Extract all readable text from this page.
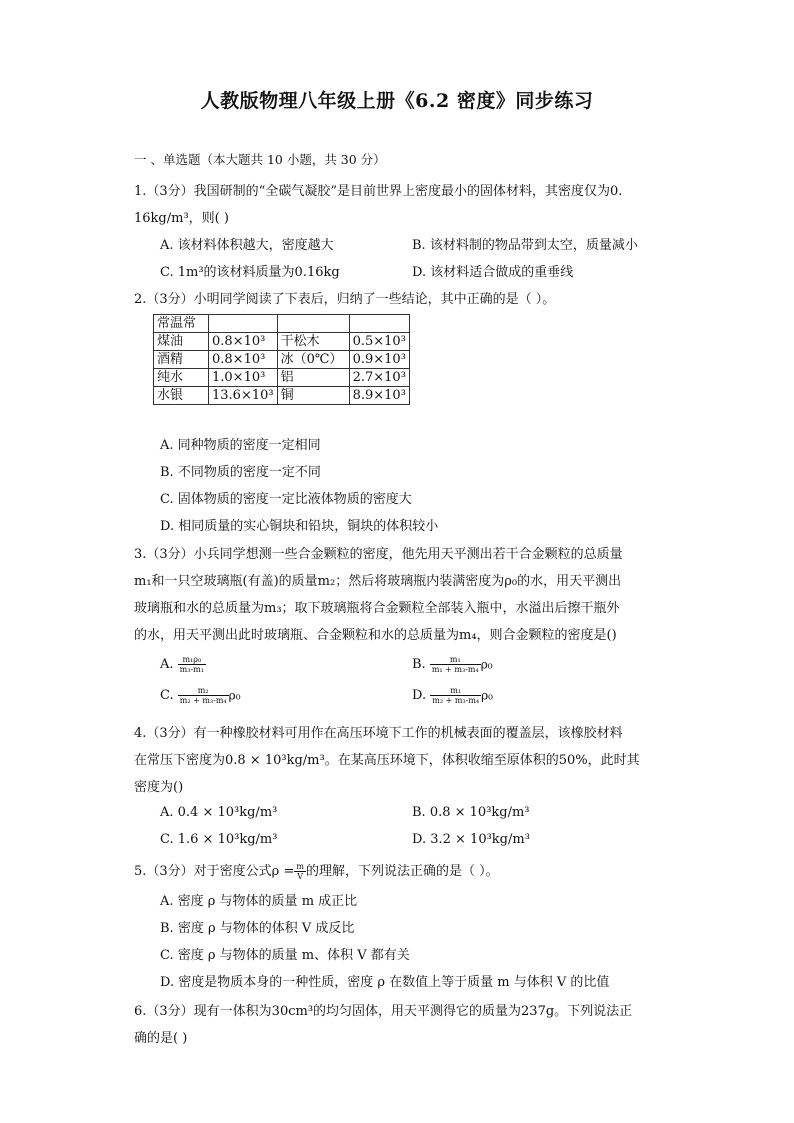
人教版物理八年级上册《6.2 密度》同步练习
一 、单选题（本大题共 10 小题，共 30 分）
1.（3分）我国研制的“全碳气凝胶”是目前世界上密度最小的固体材料，其密度仅为0.
16kg/m³，则( )
A. 该材料体积越大，密度越大	B. 该材料制的物品带到太空，质量减小
C. 1m³的该材料质量为0.16kg	D. 该材料适合做成的重垂线
2.（3分）小明同学阅读了下表后，归纳了一些结论，其中正确的是（ ）。
常温常			
煤油	0.8×10³	干松木	0.5×10³
酒精	0.8×10³	冰（0℃）	0.9×10³
纯水	1.0×10³	铝	2.7×10³
水银	13.6×10³	铜	8.9×10³
A. 同种物质的密度一定相同
B. 不同物质的密度一定不同
C. 固体物质的密度一定比液体物质的密度大
D. 相同质量的实心铜块和铅块，铜块的体积较小
3.（3分）小兵同学想测一些合金颗粒的密度，他先用天平测出若干合金颗粒的总质量
m₁和一只空玻璃瓶(有盖)的质量m₂；然后将玻璃瓶内装满密度为ρ₀的水，用天平测出
玻璃瓶和水的总质量为m₃；取下玻璃瓶将合金颗粒全部装入瓶中，水溢出后擦干瓶外
的水，用天平测出此时玻璃瓶、合金颗粒和水的总质量为m₄，则合金颗粒的密度是()
A. $\frac{\text{m₁ρ₀}}{\text{m₃-m₁}}$	B. $\frac{\text{m₁}}{\text{m₁ + m₃-m₄}} \rho_0$
C. $\frac{\text{m₂}}{\text{m₂ + m₃-m₄}} \rho_0$	D. $\frac{\text{m₁}}{\text{m₂ + m₃-m₄}} \rho_0$
4.（3分）有一种橡胶材料可用作在高压环境下工作的机械表面的覆盖层，该橡胶材料
在常压下密度为0.8 × 10³kg/m³。在某高压环境下，体积收缩至原体积的50%，此时其
密度为()
A. 0.4 × 10³kg/m³	B. 0.8 × 10³kg/m³
C. 1.6 × 10³kg/m³	D. 3.2 × 10³kg/m³
5.（3分）对于密度公式$\rho = \frac{m}{V}$ 的理解，下列说法正确的是（ ）。
A. 密度 ρ 与物体的质量 m 成正比
B. 密度 ρ 与物体的体积 V 成反比
C. 密度 ρ 与物体的质量 m、体积 V 都有关
D. 密度是物质本身的一种性质，密度 ρ 在数值上等于质量 m 与体积 V 的比值
6.（3分）现有一体积为30cm³的均匀固体，用天平测得它的质量为237g。下列说法正
确的是( )
